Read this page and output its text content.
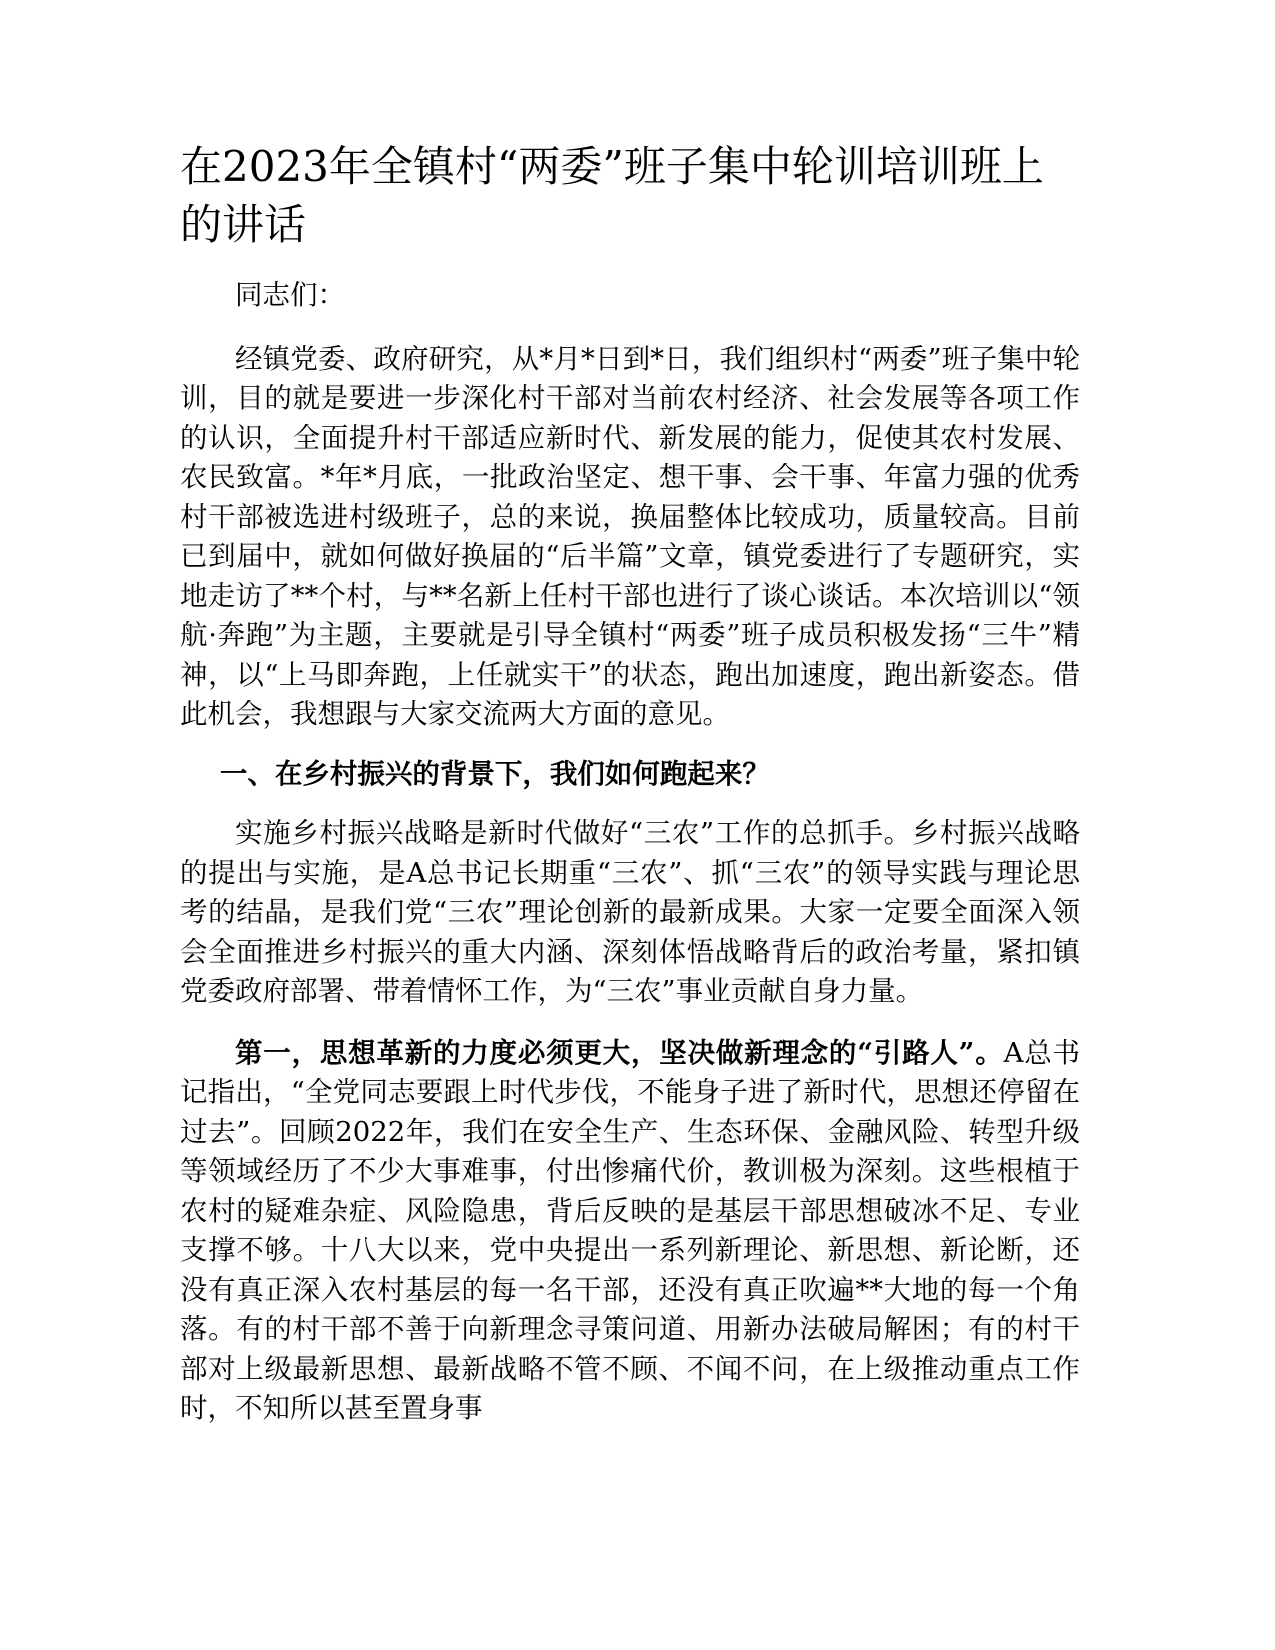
在2023年全镇村“两委”班子集中轮训培训班上的讲话

同志们：

经镇党委、政府研究，从*月*日到*日，我们组织村“两委”班子集中轮训，目的就是要进一步深化村干部对当前农村经济、社会发展等各项工作的认识，全面提升村干部适应新时代、新发展的能力，促使其农村发展、农民致富。*年*月底，一批政治坚定、想干事、会干事、年富力强的优秀村干部被选进村级班子，总的来说，换届整体比较成功，质量较高。目前已到届中，就如何做好换届的“后半篇”文章，镇党委进行了专题研究，实地走访了**个村，与**名新上任村干部也进行了谈心谈话。本次培训以“领航·奔跑”为主题，主要就是引导全镇村“两委”班子成员积极发扬“三牛”精神，以“上马即奔跑，上任就实干”的状态，跑出加速度，跑出新姿态。借此机会，我想跟与大家交流两大方面的意见。

一、在乡村振兴的背景下，我们如何跑起来？

实施乡村振兴战略是新时代做好“三农”工作的总抓手。乡村振兴战略的提出与实施，是A总书记长期重“三农”、抓“三农”的领导实践与理论思考的结晶，是我们党“三农”理论创新的最新成果。大家一定要全面深入领会全面推进乡村振兴的重大内涵、深刻体悟战略背后的政治考量，紧扣镇党委政府部署、带着情怀工作，为“三农”事业贡献自身力量。

第一，思想革新的力度必须更大，坚决做新理念的“引路人”。A总书记指出，“全党同志要跟上时代步伐，不能身子进了新时代，思想还停留在过去”。回顾2022年，我们在安全生产、生态环保、金融风险、转型升级等领域经历了不少大事难事，付出惨痛代价，教训极为深刻。这些根植于农村的疑难杂症、风险隐患，背后反映的是基层干部思想破冰不足、专业支撑不够。十八大以来，党中央提出一系列新理论、新思想、新论断，还没有真正深入农村基层的每一名干部，还没有真正吹遍**大地的每一个角落。有的村干部不善于向新理念寻策问道、用新办法破局解困；有的村干部对上级最新思想、最新战略不管不顾、不闻不问，在上级推动重点工作时，不知所以甚至置身事
